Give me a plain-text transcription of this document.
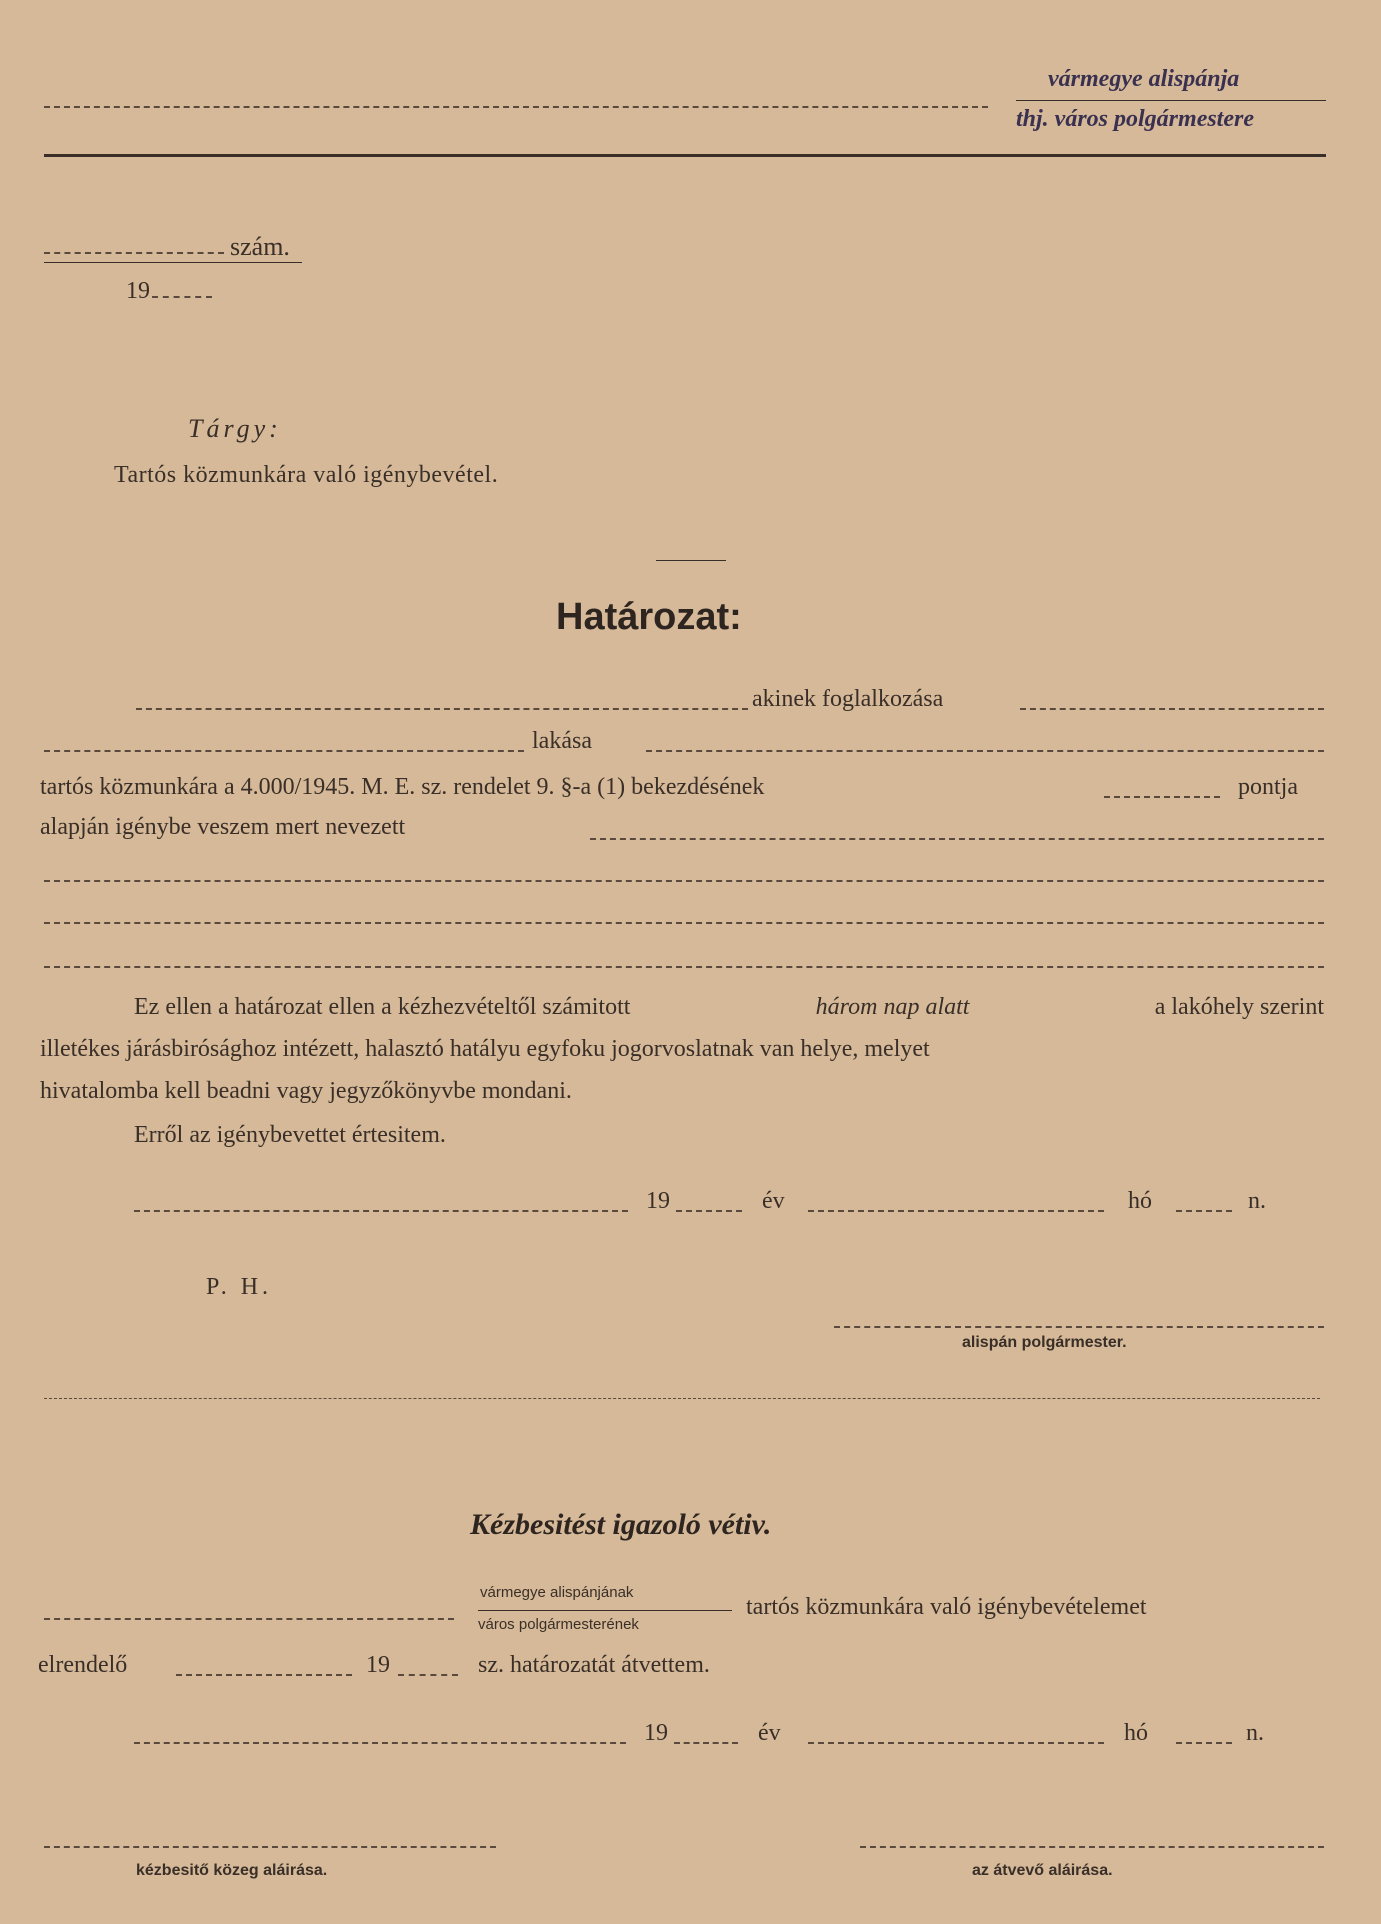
vármegye alispánja
thj. város polgármestere
szám.
19
Tárgy:
Tartós közmunkára való igénybevétel.
Határozat:
akinek foglalkozása
lakása
tartós közmunkára a 4.000/1945. M. E. sz. rendelet 9. §-a (1) bekezdésének	pontja
alapján igénybe veszem mert nevezett
Ez ellen a határozat ellen a kézhezvételtől számitott	három nap alatt	a lakóhely szerint
illetékes járásbirósághoz intézett, halasztó hatályu egyfoku jogorvoslatnak van helye, melyet
hivatalomba kell beadni vagy jegyzőkönyvbe mondani.
Erről az igénybevettet értesitem.
19	év	hó	n.
P. H.
alispán polgármester.
Kézbesitést igazoló vétiv.
vármegye alispánjának
város polgármesterének
tartós közmunkára való igénybevételemet
elrendelő	19	sz. határozatát átvettem.
19	év	hó	n.
kézbesitő közeg aláirása.	az átvevő aláirása.
